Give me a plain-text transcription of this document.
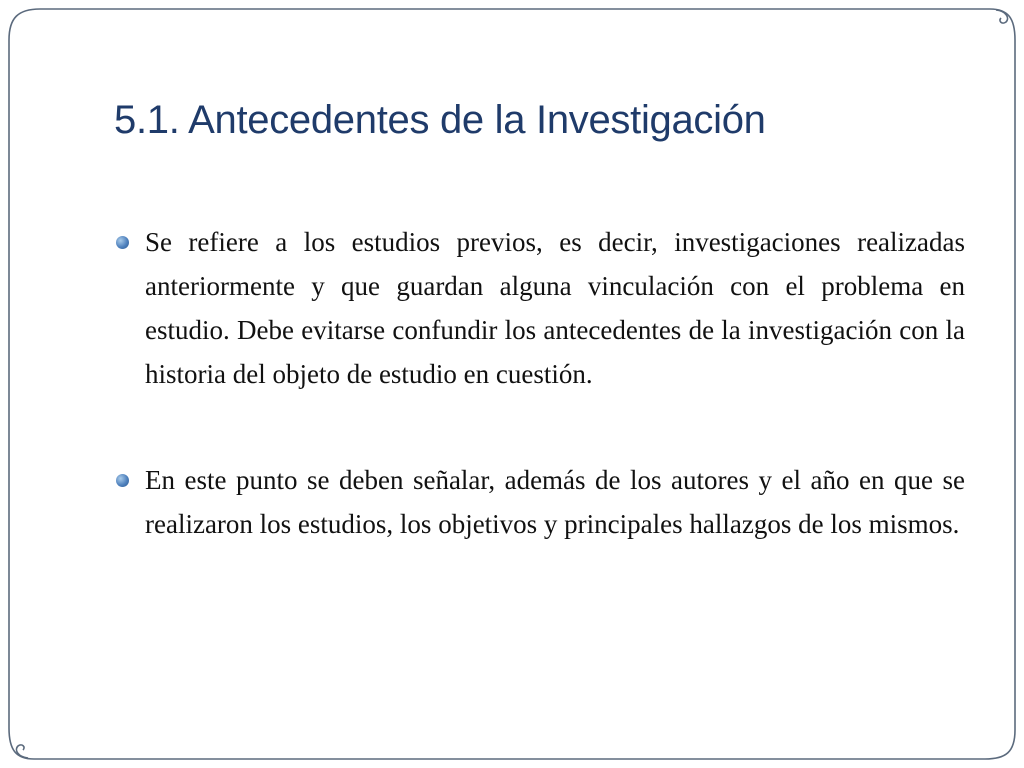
5.1. Antecedentes de la Investigación

Se refiere a los estudios previos, es decir, investigaciones realizadas anteriormente y que guardan alguna vinculación con el problema en estudio. Debe evitarse confundir los antecedentes de la investigación con la historia del objeto de estudio en cuestión.

En este punto se deben señalar, además de los autores y el año en que se realizaron los estudios, los objetivos y principales hallazgos de los mismos.
